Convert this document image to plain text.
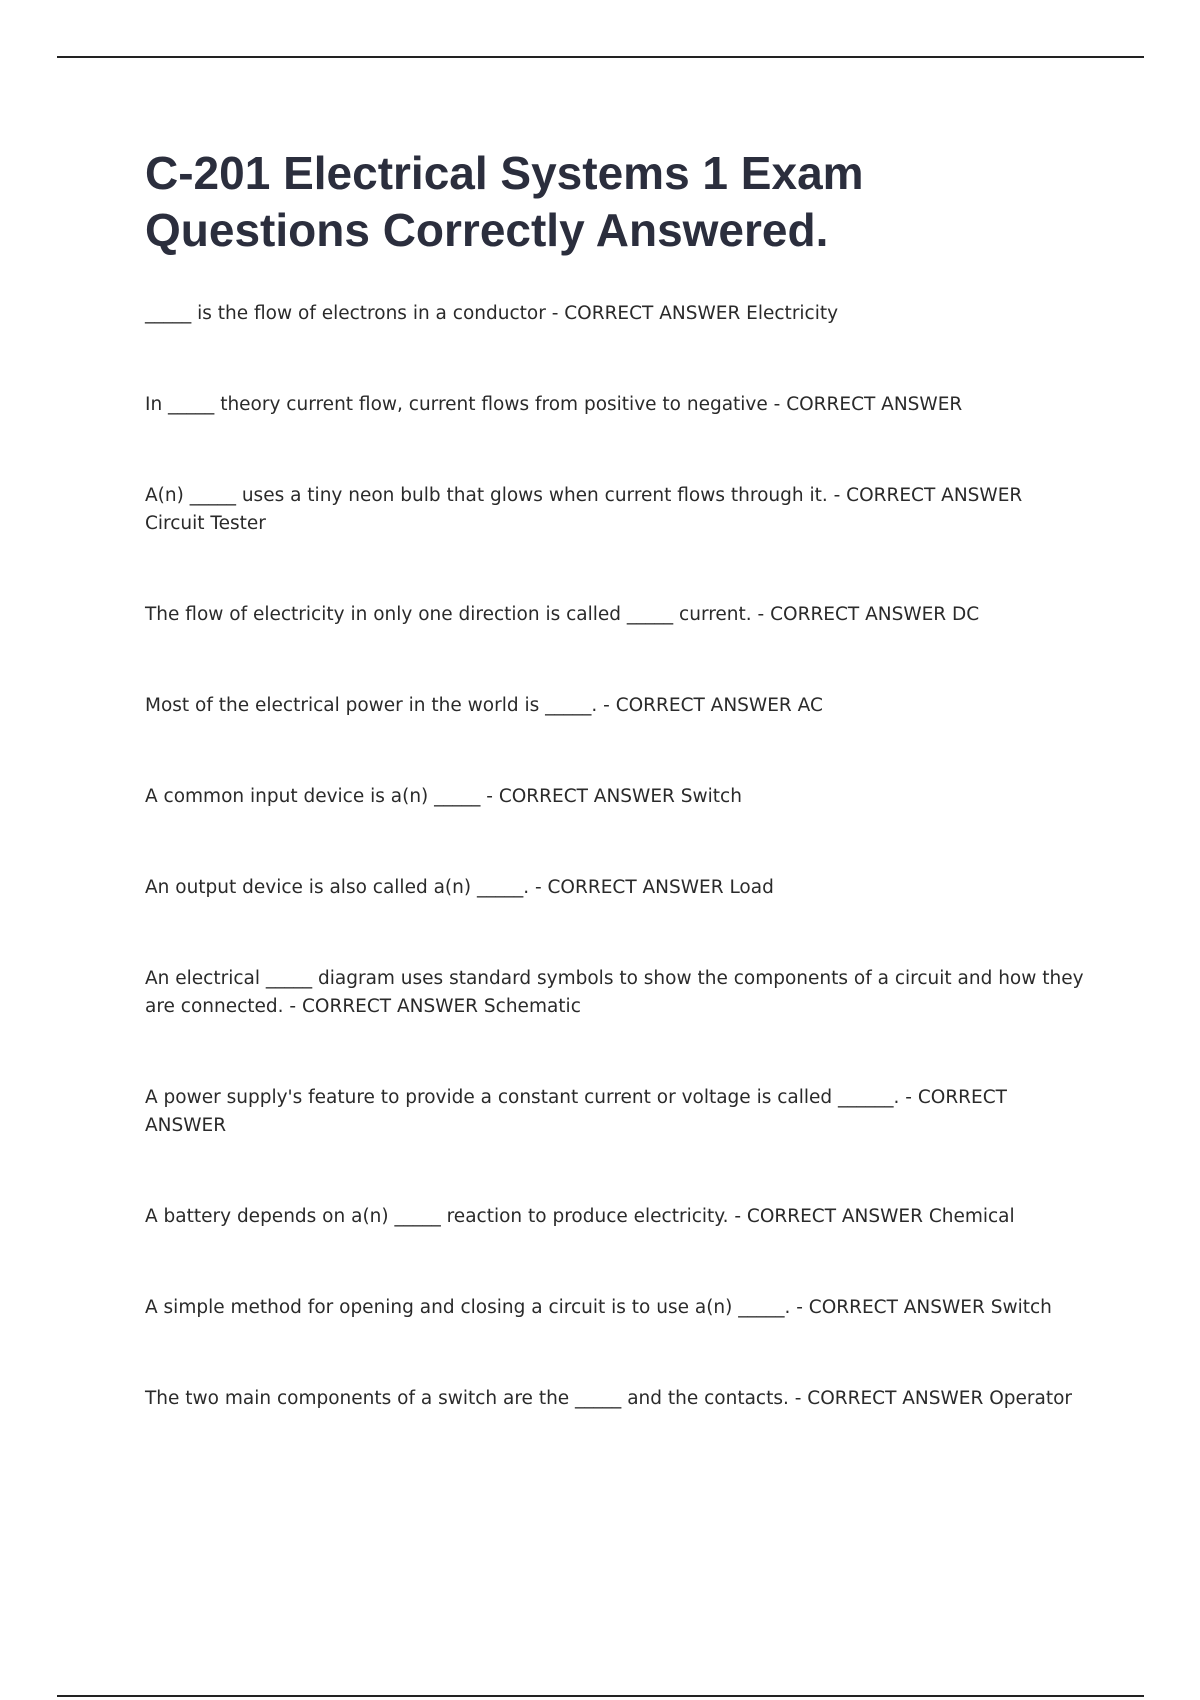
C-201 Electrical Systems 1 Exam Questions Correctly Answered.
_____ is the flow of electrons in a conductor - CORRECT ANSWER Electricity
In _____ theory current flow, current flows from positive to negative - CORRECT ANSWER
A(n) _____ uses a tiny neon bulb that glows when current flows through it. - CORRECT ANSWER Circuit Tester
The flow of electricity in only one direction is called _____ current. - CORRECT ANSWER DC
Most of the electrical power in the world is _____. - CORRECT ANSWER AC
A common input device is a(n) _____ - CORRECT ANSWER Switch
An output device is also called a(n) _____. - CORRECT ANSWER Load
An electrical _____ diagram uses standard symbols to show the components of a circuit and how they are connected. - CORRECT ANSWER Schematic
A power supply's feature to provide a constant current or voltage is called ______. - CORRECT ANSWER
A battery depends on a(n) _____ reaction to produce electricity. - CORRECT ANSWER Chemical
A simple method for opening and closing a circuit is to use a(n) _____. - CORRECT ANSWER Switch
The two main components of a switch are the _____ and the contacts. - CORRECT ANSWER Operator
